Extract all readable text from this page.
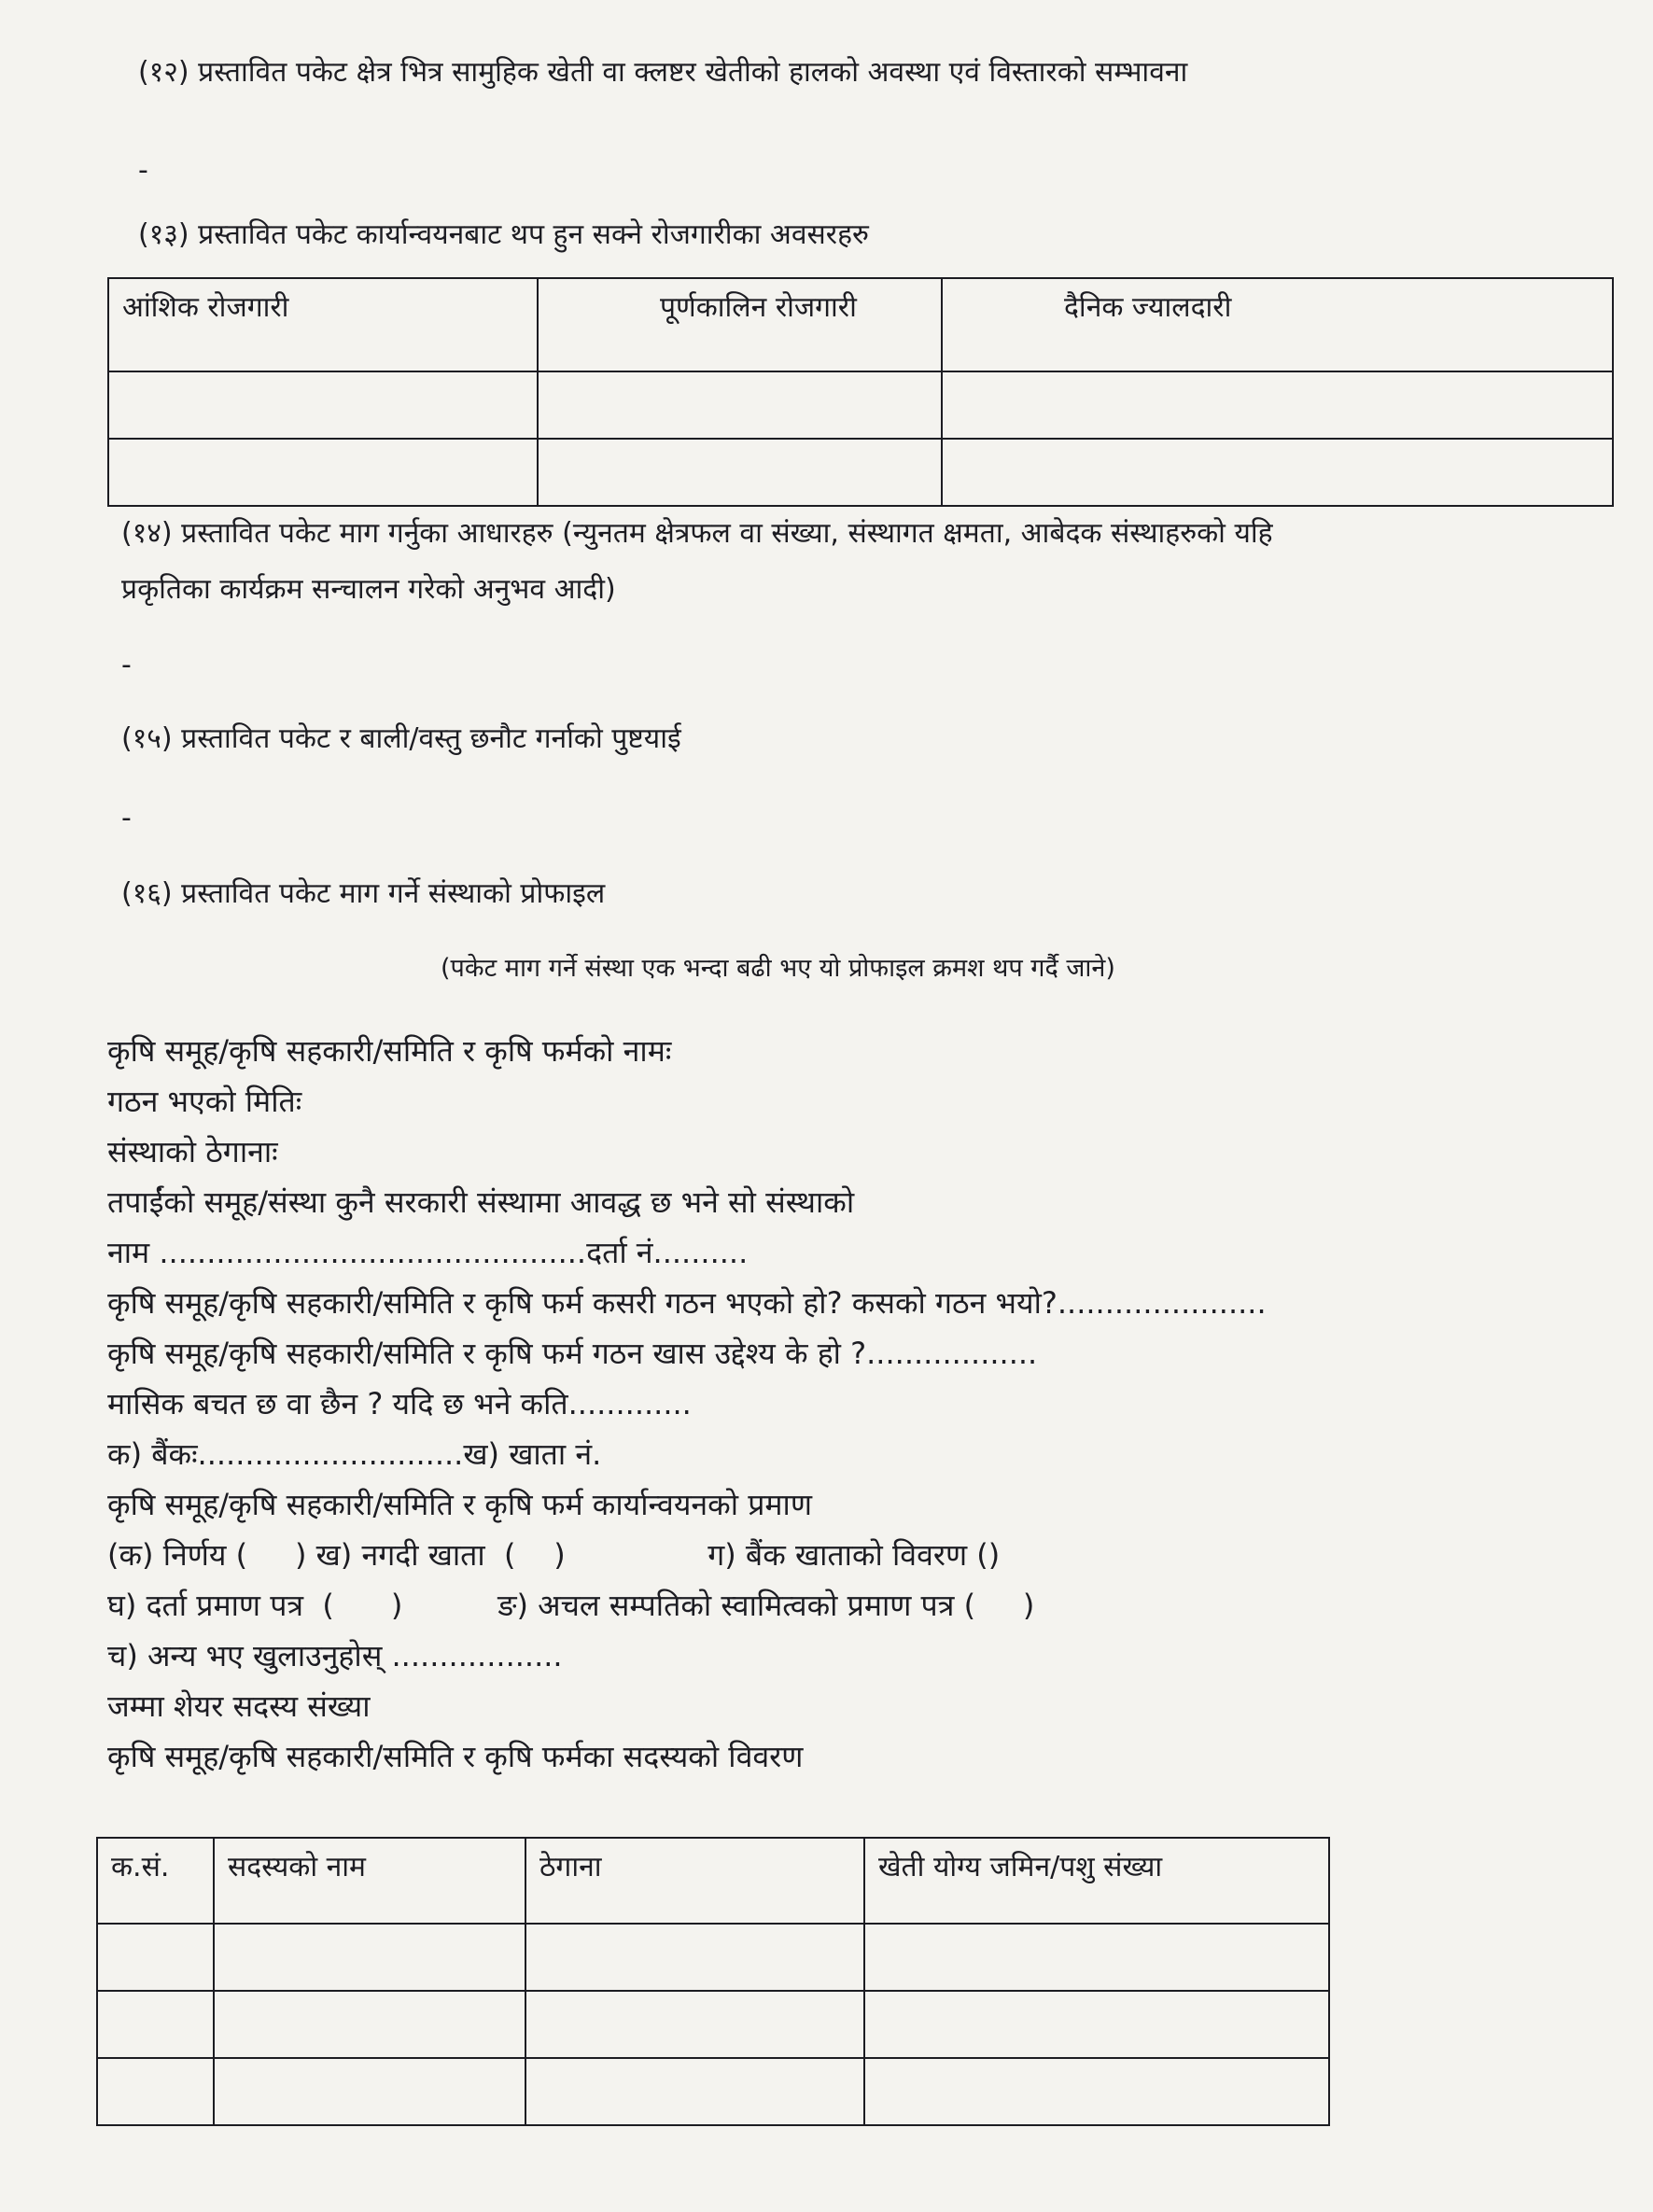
(१२) प्रस्तावित पकेट क्षेत्र भित्र सामुहिक खेती वा क्लष्टर खेतीको हालको अवस्था एवं विस्तारको सम्भावना
-
(१३) प्रस्तावित पकेट कार्यान्वयनबाट थप हुन सक्ने रोजगारीका अवसरहरु
आंशिक रोजगारी	पूर्णकालिन रोजगारी	दैनिक ज्यालदारी

(१४) प्रस्तावित पकेट माग गर्नुका आधारहरु (न्युनतम क्षेत्रफल वा संख्या, संस्थागत क्षमता, आबेदक संस्थाहरुको यहि
प्रकृतिका कार्यक्रम सन्चालन गरेको अनुभव आदी)
-
(१५) प्रस्तावित पकेट र बाली/वस्तु छनौट गर्नाको पुष्टयाई
-
(१६) प्रस्तावित पकेट माग गर्ने संस्थाको प्रोफाइल
(पकेट माग गर्ने संस्था एक भन्दा बढी भए यो प्रोफाइल क्रमश थप गर्दै जाने)
कृषि समूह/कृषि सहकारी/समिति र कृषि फर्मको नामः
गठन भएको मितिः
संस्थाको ठेगानाः
तपाईंको समूह/संस्था कुनै सरकारी संस्थामा आवद्ध छ भने सो संस्थाको
नाम .............................................दर्ता नं..........
कृषि समूह/कृषि सहकारी/समिति र कृषि फर्म कसरी गठन भएको हो? कसको गठन भयो?......................
कृषि समूह/कृषि सहकारी/समिति र कृषि फर्म गठन खास उद्देश्य के हो ?..................
मासिक बचत छ वा छैन ? यदि छ भने कति.............
क) बैंकः............................ख) खाता नं.
कृषि समूह/कृषि सहकारी/समिति र कृषि फर्म कार्यान्वयनको प्रमाण
(क) निर्णय (     ) ख) नगदी खाता  (    )               ग) बैंक खाताको विवरण ()
घ) दर्ता प्रमाण पत्र  (      )          ङ) अचल सम्पतिको स्वामित्वको प्रमाण पत्र (     )
च) अन्य भए खुलाउनुहोस् ..................
जम्मा शेयर सदस्य संख्या
कृषि समूह/कृषि सहकारी/समिति र कृषि फर्मका सदस्यको विवरण
क.सं.	सदस्यको नाम	ठेगाना	खेती योग्य जमिन/पशु संख्या
